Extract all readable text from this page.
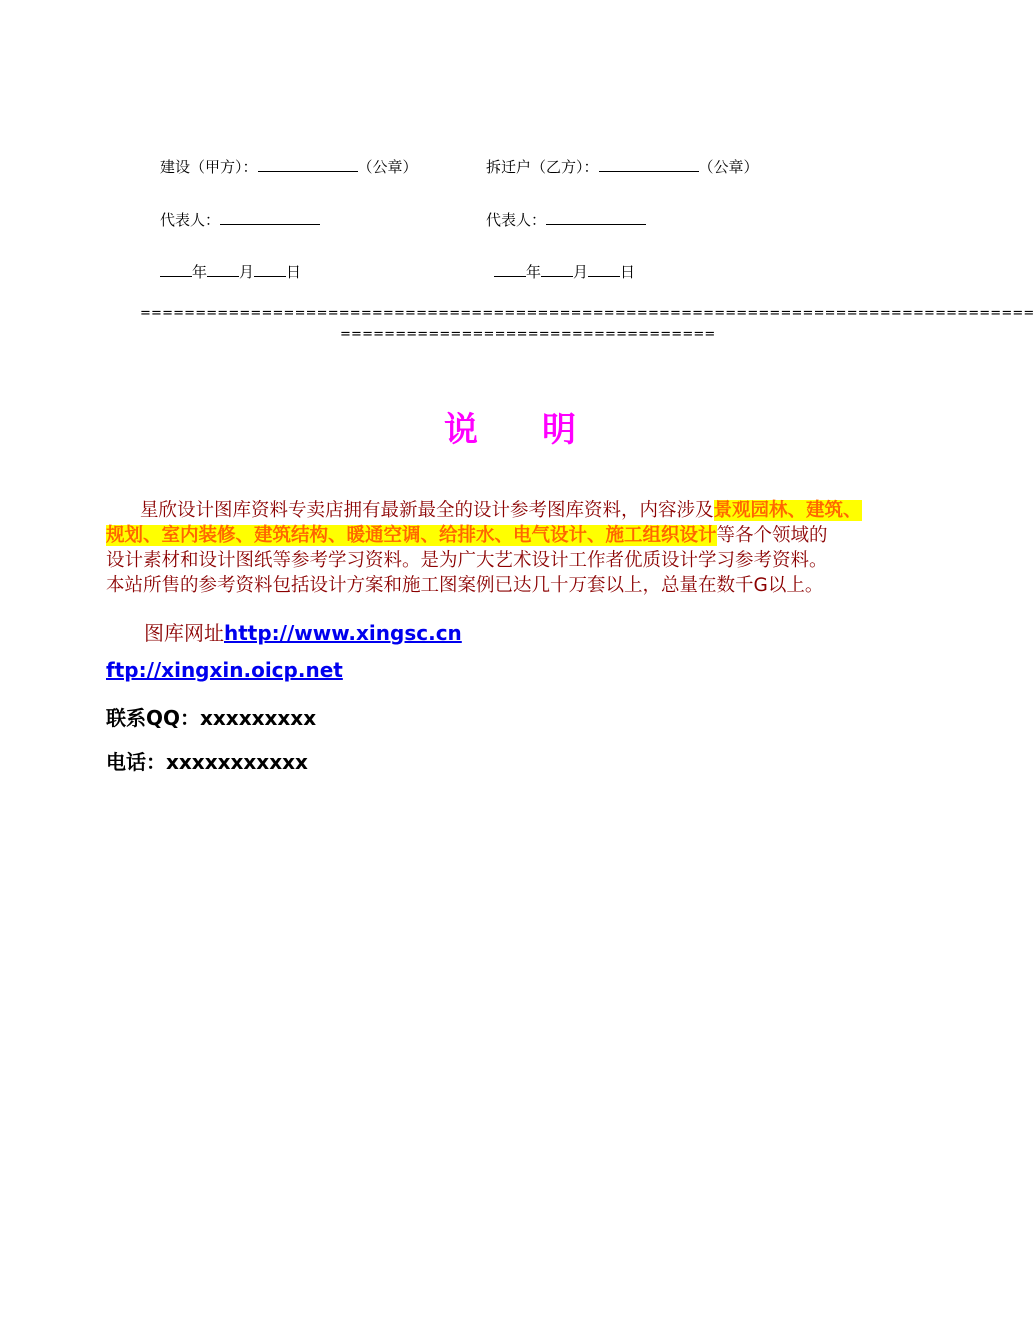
建设（甲方）：	（公章）	拆迁户（乙方）：	（公章）
代表人：	代表人：
年 月 日	年 月 日
=================================================================================
==================================
说 明
星欣设计图库资料专卖店拥有最新最全的设计参考图库资料，内容涉及景观园林、建筑、
规划、室内装修、建筑结构、暖通空调、给排水、电气设计、施工组织设计等各个领域的
设计素材和设计图纸等参考学习资料。是为广大艺术设计工作者优质设计学习参考资料。
本站所售的参考资料包括设计方案和施工图案例已达几十万套以上，总量在数千G以上。
图库网址http://www.xingsc.cn
ftp://xingxin.oicp.net
联系QQ：xxxxxxxxx
电话：xxxxxxxxxxx
